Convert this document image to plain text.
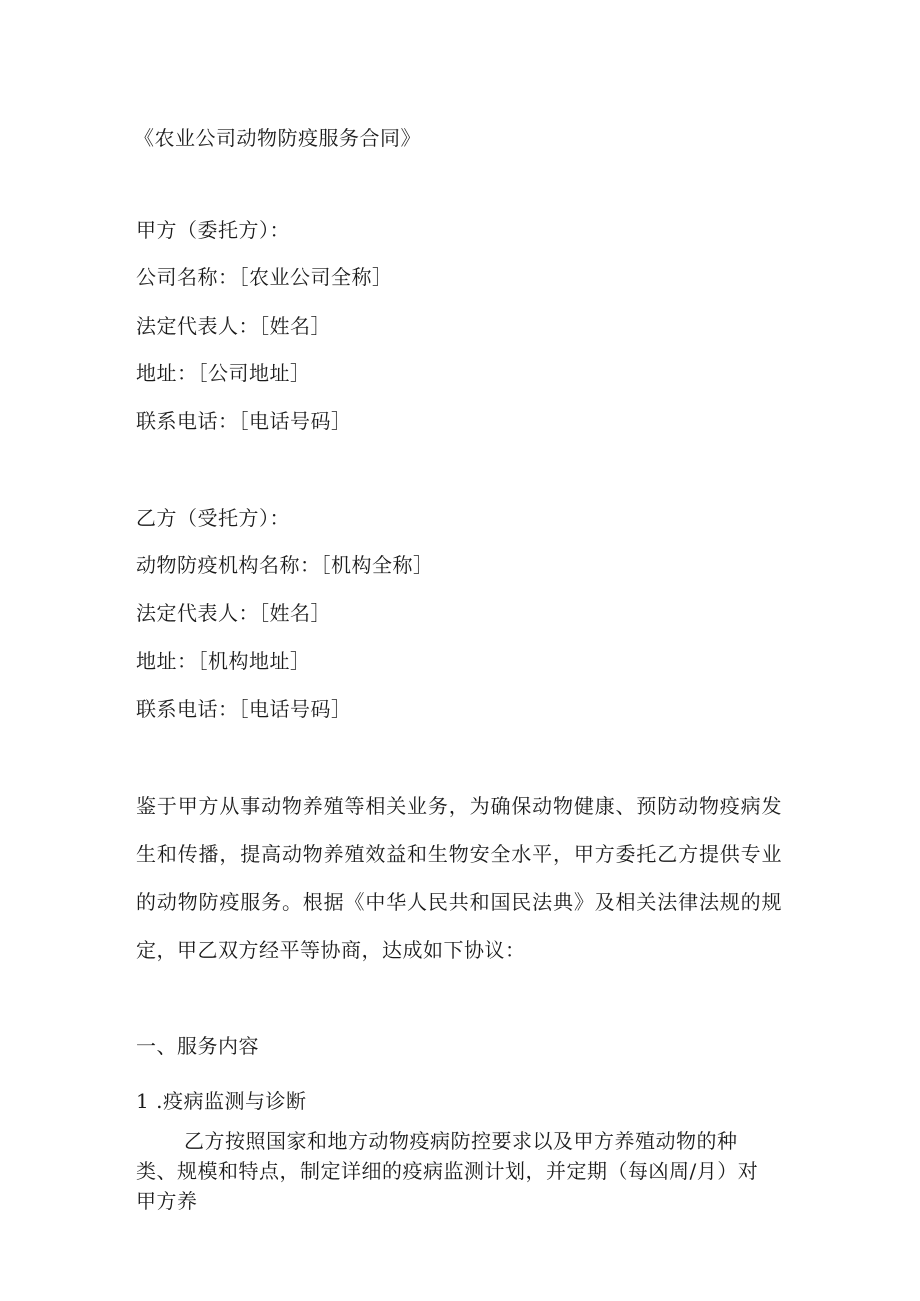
《农业公司动物防疫服务合同》
甲方（委托方）：
公司名称：［农业公司全称］
法定代表人：［姓名］
地址：［公司地址］
联系电话：［电话号码］
乙方（受托方）：
动物防疫机构名称：［机构全称］
法定代表人：［姓名］
地址：［机构地址］
联系电话：［电话号码］
鉴于甲方从事动物养殖等相关业务，为确保动物健康、预防动物疫病发生和传播，提高动物养殖效益和生物安全水平，甲方委托乙方提供专业的动物防疫服务。根据《中华人民共和国民法典》及相关法律法规的规定，甲乙双方经平等协商，达成如下协议：
一、服务内容
1 .疫病监测与诊断
乙方按照国家和地方动物疫病防控要求以及甲方养殖动物的种类、规模和特点，制定详细的疫病监测计划，并定期（每凶周/月）对甲方养
